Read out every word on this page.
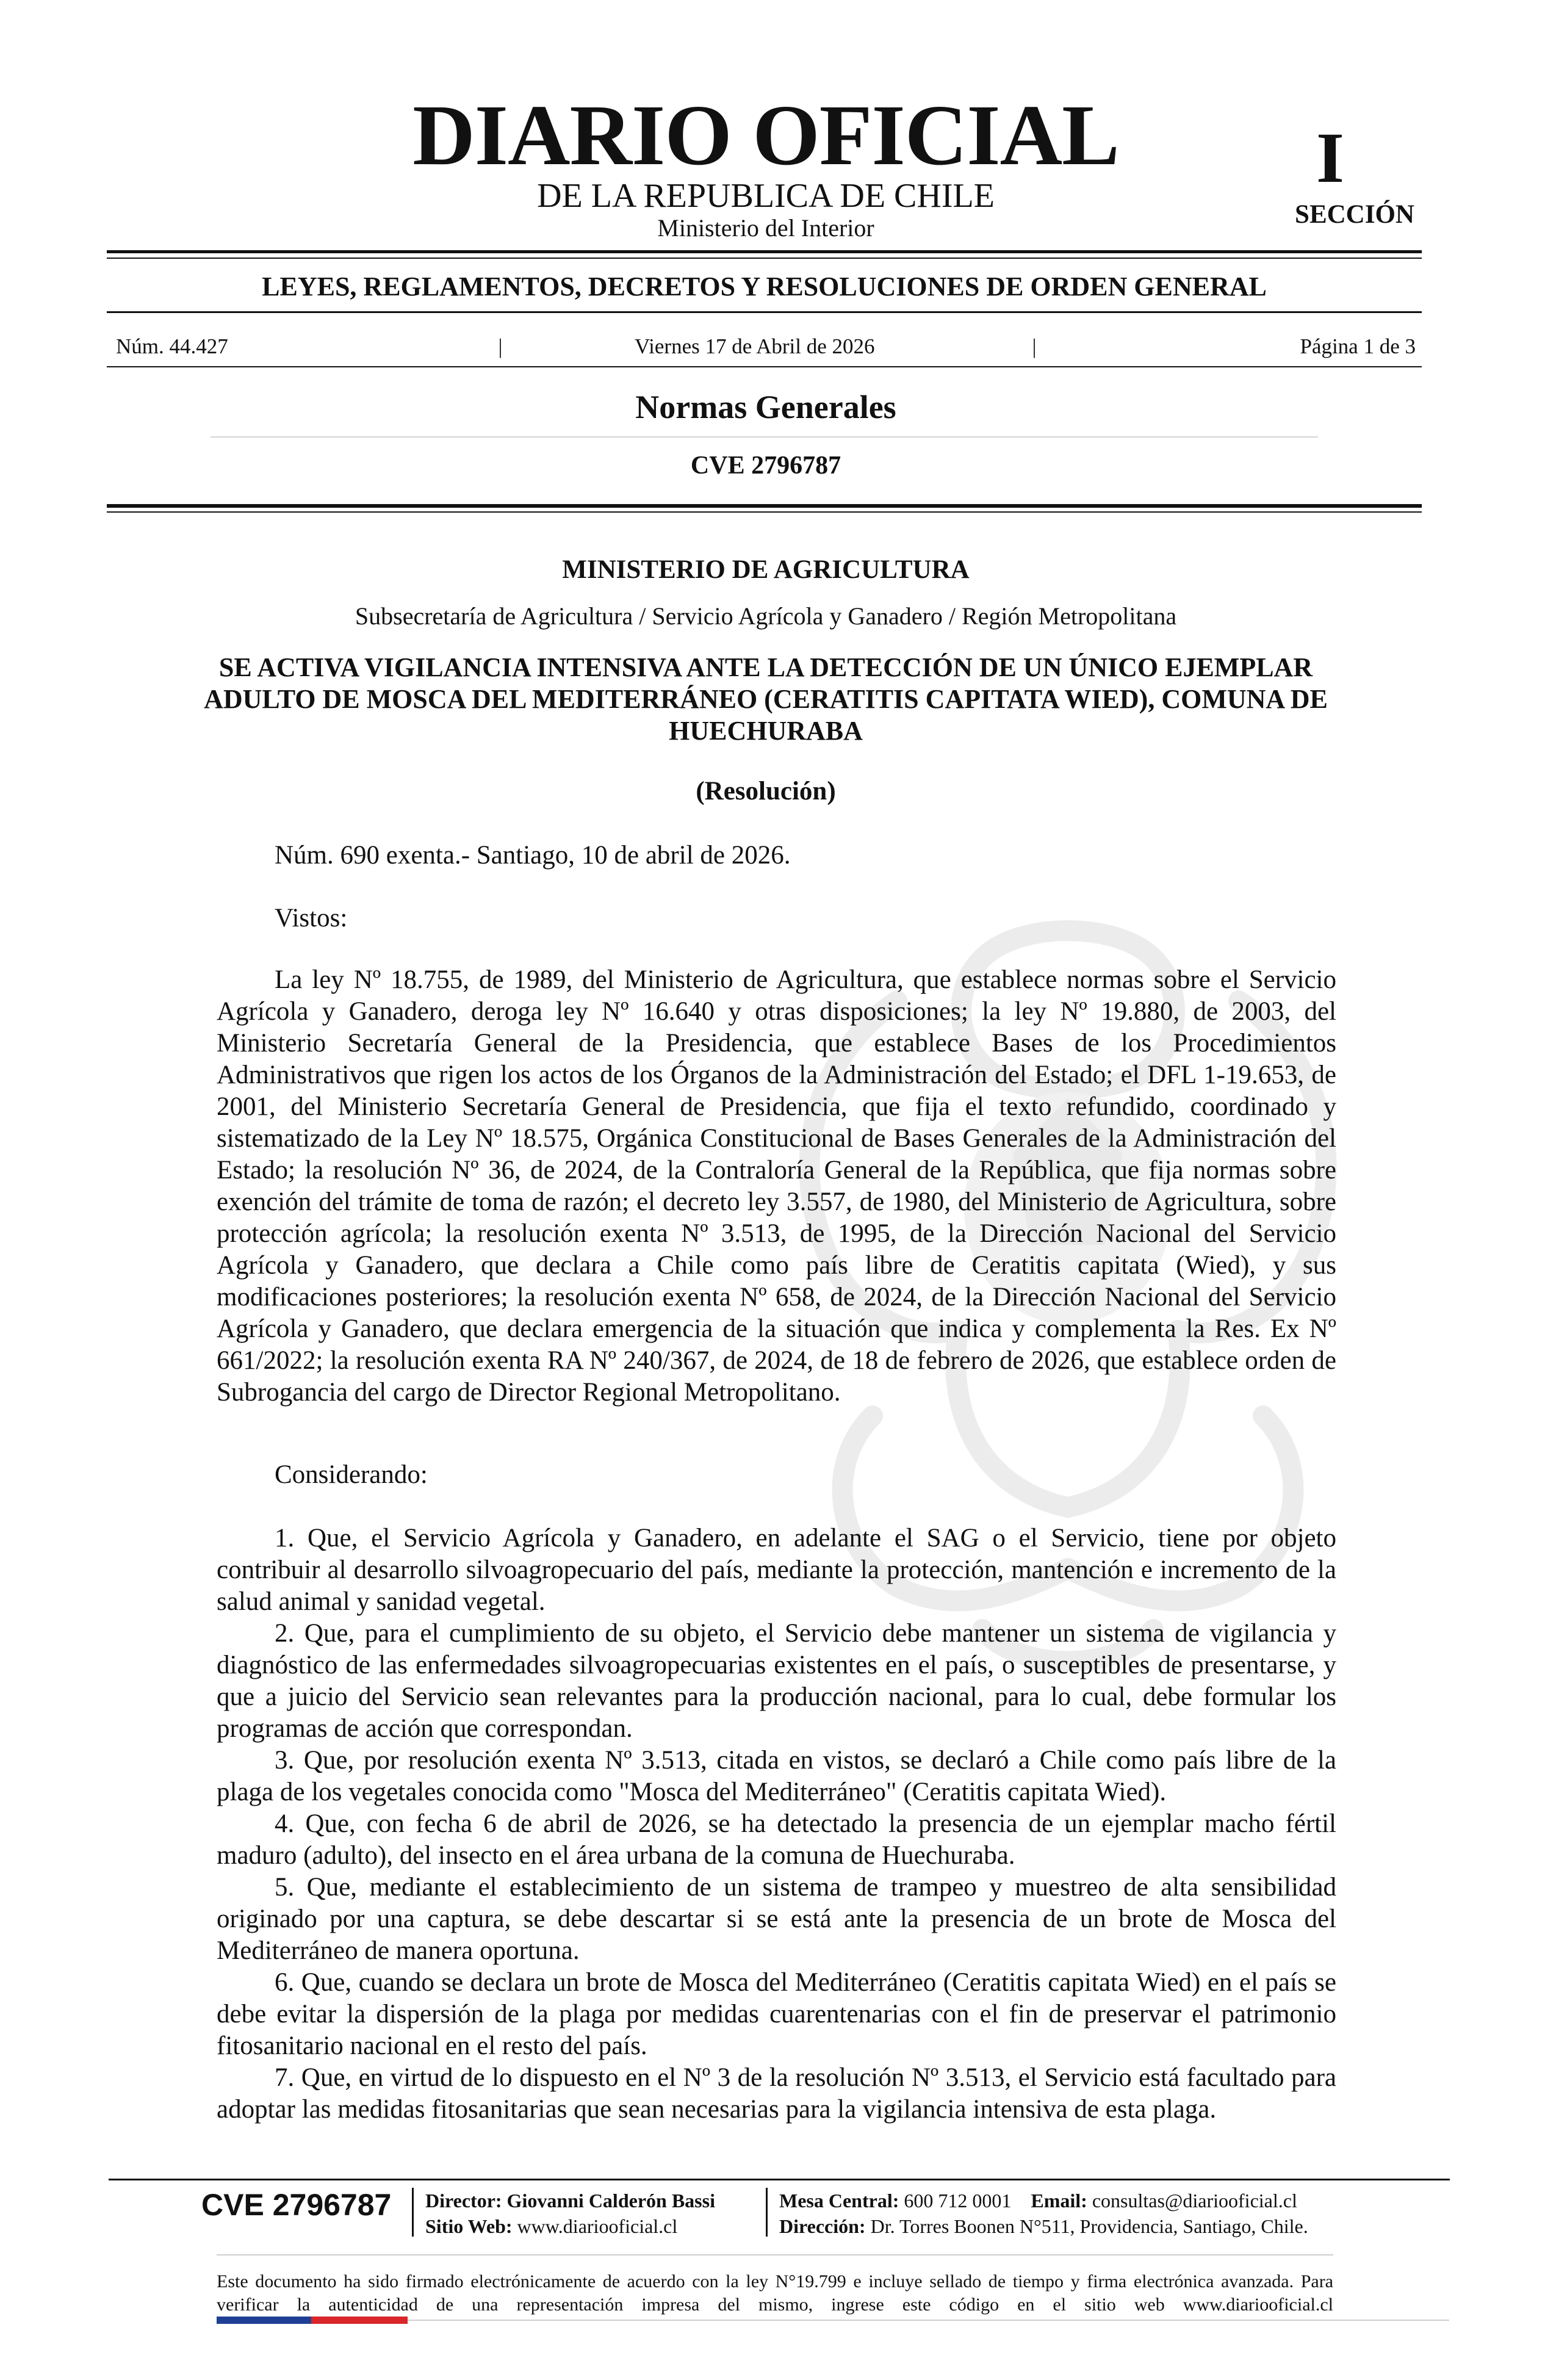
DIARIO OFICIAL
DE LA REPUBLICA DE CHILE
Ministerio del Interior
I
SECCIÓN
LEYES, REGLAMENTOS, DECRETOS Y RESOLUCIONES DE ORDEN GENERAL
Núm. 44.427	|	Viernes 17 de Abril de 2026	|	Página 1 de 3
Normas Generales
CVE 2796787
MINISTERIO DE AGRICULTURA
Subsecretaría de Agricultura / Servicio Agrícola y Ganadero / Región Metropolitana
SE ACTIVA VIGILANCIA INTENSIVA ANTE LA DETECCIÓN DE UN ÚNICO EJEMPLAR ADULTO DE MOSCA DEL MEDITERRÁNEO (CERATITIS CAPITATA WIED), COMUNA DE HUECHURABA
(Resolución)
Núm. 690 exenta.- Santiago, 10 de abril de 2026.
Vistos:
La ley Nº 18.755, de 1989, del Ministerio de Agricultura, que establece normas sobre el Servicio Agrícola y Ganadero, deroga ley Nº 16.640 y otras disposiciones; la ley Nº 19.880, de 2003, del Ministerio Secretaría General de la Presidencia, que establece Bases de los Procedimientos Administrativos que rigen los actos de los Órganos de la Administración del Estado; el DFL 1-19.653, de 2001, del Ministerio Secretaría General de Presidencia, que fija el texto refundido, coordinado y sistematizado de la Ley Nº 18.575, Orgánica Constitucional de Bases Generales de la Administración del Estado; la resolución Nº 36, de 2024, de la Contraloría General de la República, que fija normas sobre exención del trámite de toma de razón; el decreto ley 3.557, de 1980, del Ministerio de Agricultura, sobre protección agrícola; la resolución exenta Nº 3.513, de 1995, de la Dirección Nacional del Servicio Agrícola y Ganadero, que declara a Chile como país libre de Ceratitis capitata (Wied), y sus modificaciones posteriores; la resolución exenta Nº 658, de 2024, de la Dirección Nacional del Servicio Agrícola y Ganadero, que declara emergencia de la situación que indica y complementa la Res. Ex Nº 661/2022; la resolución exenta RA Nº 240/367, de 2024, de 18 de febrero de 2026, que establece orden de Subrogancia del cargo de Director Regional Metropolitano.
Considerando:
1. Que, el Servicio Agrícola y Ganadero, en adelante el SAG o el Servicio, tiene por objeto contribuir al desarrollo silvoagropecuario del país, mediante la protección, mantención e incremento de la salud animal y sanidad vegetal.
2. Que, para el cumplimiento de su objeto, el Servicio debe mantener un sistema de vigilancia y diagnóstico de las enfermedades silvoagropecuarias existentes en el país, o susceptibles de presentarse, y que a juicio del Servicio sean relevantes para la producción nacional, para lo cual, debe formular los programas de acción que correspondan.
3. Que, por resolución exenta Nº 3.513, citada en vistos, se declaró a Chile como país libre de la plaga de los vegetales conocida como "Mosca del Mediterráneo" (Ceratitis capitata Wied).
4. Que, con fecha 6 de abril de 2026, se ha detectado la presencia de un ejemplar macho fértil maduro (adulto), del insecto en el área urbana de la comuna de Huechuraba.
5. Que, mediante el establecimiento de un sistema de trampeo y muestreo de alta sensibilidad originado por una captura, se debe descartar si se está ante la presencia de un brote de Mosca del Mediterráneo de manera oportuna.
6. Que, cuando se declara un brote de Mosca del Mediterráneo (Ceratitis capitata Wied) en el país se debe evitar la dispersión de la plaga por medidas cuarentenarias con el fin de preservar el patrimonio fitosanitario nacional en el resto del país.
7. Que, en virtud de lo dispuesto en el Nº 3 de la resolución Nº 3.513, el Servicio está facultado para adoptar las medidas fitosanitarias que sean necesarias para la vigilancia intensiva de esta plaga.
CVE 2796787 Director: Giovanni Calderón Bassi
Sitio Web: www.diariooficial.cl
Mesa Central: 600 712 0001 Email: consultas@diariooficial.cl
Dirección: Dr. Torres Boonen N°511, Providencia, Santiago, Chile.
Este documento ha sido firmado electrónicamente de acuerdo con la ley N°19.799 e incluye sellado de tiempo y firma electrónica avanzada. Para verificar la autenticidad de una representación impresa del mismo, ingrese este código en el sitio web www.diariooficial.cl
